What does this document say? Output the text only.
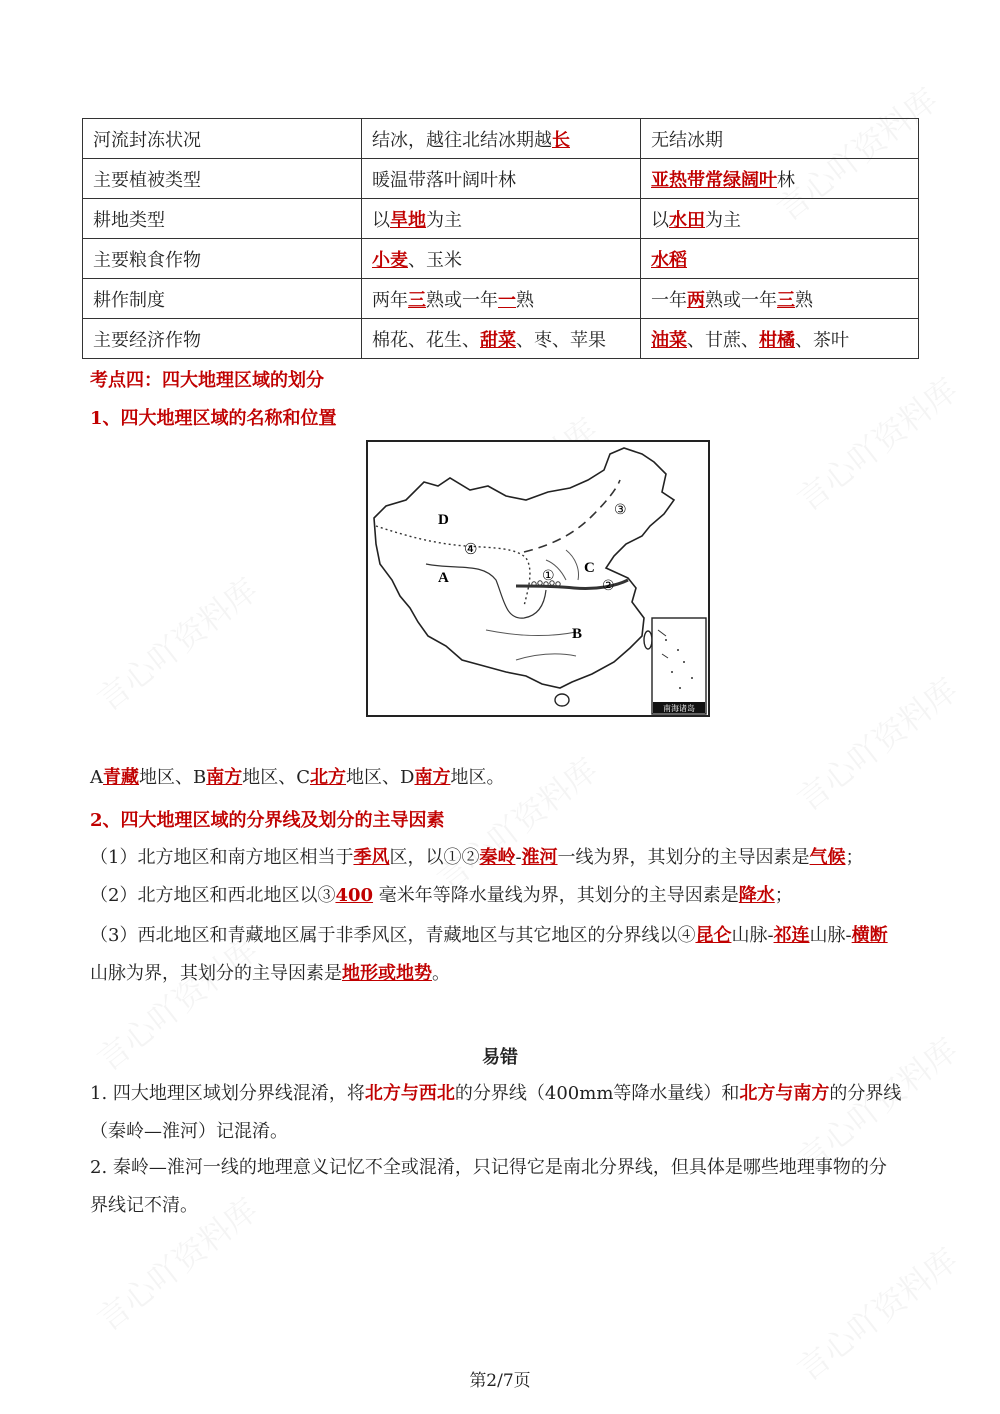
河流封冻状况	结冰，越往北结冰期越长	无结冰期
主要植被类型	暖温带落叶阔叶林	亚热带常绿阔叶林
耕地类型	以旱地为主	以水田为主
主要粮食作物	小麦、玉米	水稻
耕作制度	两年三熟或一年一熟	一年两熟或一年三熟
主要经济作物	棉花、花生、甜菜、枣、苹果	油菜、甘蔗、柑橘、茶叶
考点四：四大地理区域的划分
1、四大地理区域的名称和位置
D
A
C
B
④
①
②
③
南海诸岛
A青藏地区、B南方地区、C北方地区、D南方地区。
2、四大地理区域的分界线及划分的主导因素
（1）北方地区和南方地区相当于季风区，以①②秦岭-淮河一线为界，其划分的主导因素是气候；
（2）北方地区和西北地区以③400 毫米年等降水量线为界，其划分的主导因素是降水；
（3）西北地区和青藏地区属于非季风区，青藏地区与其它地区的分界线以④昆仑山脉-祁连山脉-横断
山脉为界，其划分的主导因素是地形或地势。
易错
1. 四大地理区域划分界线混淆，将北方与西北的分界线（400mm等降水量线）和北方与南方的分界线
（秦岭—淮河）记混淆。
2. 秦岭—淮河一线的地理意义记忆不全或混淆，只记得它是南北分界线，但具体是哪些地理事物的分
界线记不清。
第2/7页
